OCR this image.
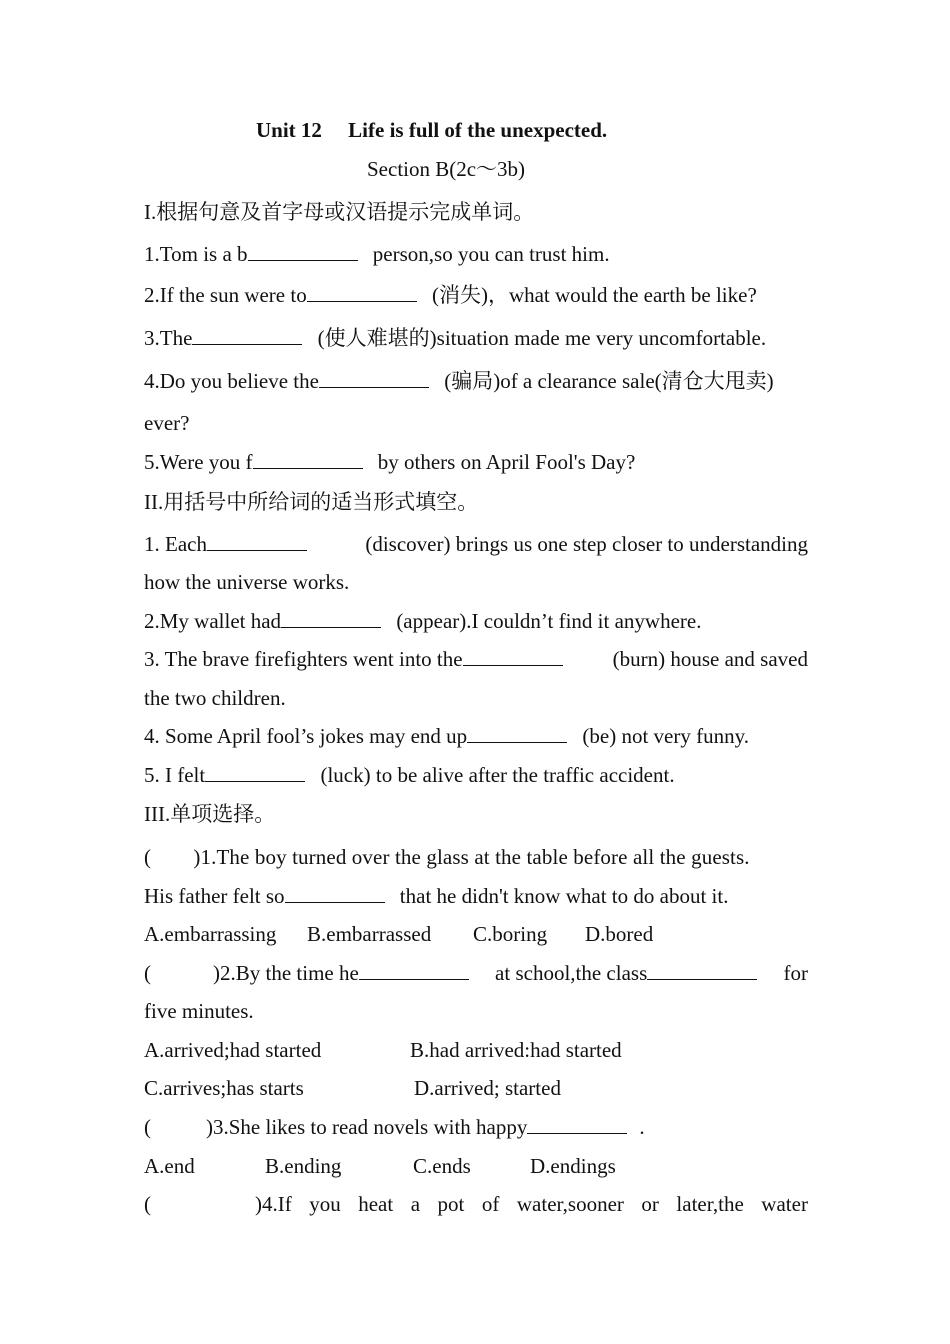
Unit 12　 Life is full of the unexpected.
Section B(2c～3b)
I.根据句意及首字母或汉语提示完成单词。
1.Tom is a b	person,so you can trust him.
2.If the sun were to	(消失)，what would the earth be like?
3.The	(使人难堪的)situation made me very uncomfortable.
4.Do you believe the	(骗局)of a clearance sale(清仓大甩卖)
ever?
5.Were you f	by others on April Fool's Day?
II.用括号中所给词的适当形式填空。
1. Each	(discover) brings us one step closer to understanding
how the universe works.
2.My wallet had	(appear).I couldn’t find it anywhere.
3. The brave firefighters went into the	(burn) house and saved
the two children.
4. Some April fool’s jokes may end up	(be) not very funny.
5. I felt	(luck) to be alive after the traffic accident.
III.单项选择。
(　　)1.The boy turned over the glass at the table before all the guests.
His father felt so	that he didn't know what to do about it.
A.embarrassing B.embarrassed C.boring D.bored
(	)2.By the time he	at school,the class	for
five minutes.
A.arrived;had started	B.had arrived:had started
C.arrives;has starts	D.arrived; started
(	)3.She likes to read novels with happy	.
A.end	B.ending	C.ends	D.endings
(	)4.If you heat a pot of water,sooner or later,the water
